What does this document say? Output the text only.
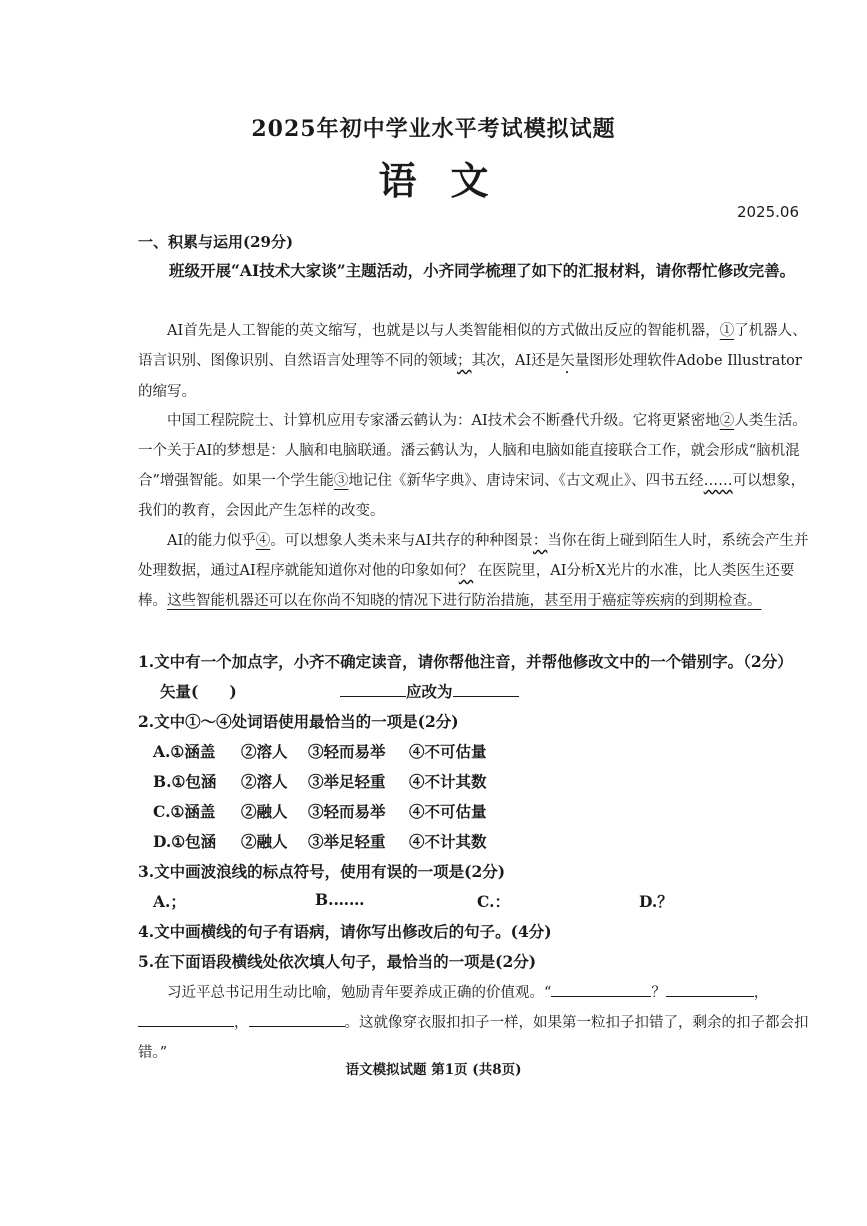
2025年初中学业水平考试模拟试题
语文
2025.06
一、积累与运用(29分)
班级开展“AI技术大家谈”主题活动，小齐同学梳理了如下的汇报材料，请你帮忙修改完善。
AI首先是人工智能的英文缩写，也就是以与人类智能相似的方式做出反应的智能机器，①了机器人、语言识别、图像识别、自然语言处理等不同的领域；其次，AI还是矢量图形处理软件Adobe Illustrator的缩写。
中国工程院院士、计算机应用专家潘云鹤认为：AI技术会不断叠代升级。它将更紧密地②人类生活。一个关于AI的梦想是：人脑和电脑联通。潘云鹤认为，人脑和电脑如能直接联合工作，就会形成“脑机混合”增强智能。如果一个学生能③地记住《新华字典》、唐诗宋词、《古文观止》、四书五经……可以想象，我们的教育，会因此产生怎样的改变。
AI的能力似乎④。可以想象人类未来与AI共存的种种图景：当你在街上碰到陌生人时，系统会产生并处理数据，通过AI程序就能知道你对他的印象如何？ 在医院里，AI分析X光片的水准，比人类医生还要棒。这些智能机器还可以在你尚不知晓的情况下进行防治措施，甚至用于癌症等疾病的到期检查。
1.文中有一个加点字，小齐不确定读音，请你帮他注音，并帮他修改文中的一个错别字。（2分）
矢量(　　)	应改为
2.文中①～④处词语使用最恰当的一项是(2分)
A.①涵盖 ②溶人 ③轻而易举 ④不可估量
B.①包涵 ②溶人 ③举足轻重 ④不计其数
C.①涵盖 ②融人 ③轻而易举 ④不可估量
D.①包涵 ②融人 ③举足轻重 ④不计其数
3.文中画波浪线的标点符号，使用有误的一项是(2分)
A.；	B.……	C.：	D.？
4.文中画横线的句子有语病，请你写出修改后的句子。(4分)
5.在下面语段横线处依次填人句子，最恰当的一项是(2分)
习近平总书记用生动比喻，勉励青年要养成正确的价值观。“	？	，，	。这就像穿衣服扣扣子一样，如果第一粒扣子扣错了，剩余的扣子都会扣错。”
语文模拟试题 第1页 (共8页)
